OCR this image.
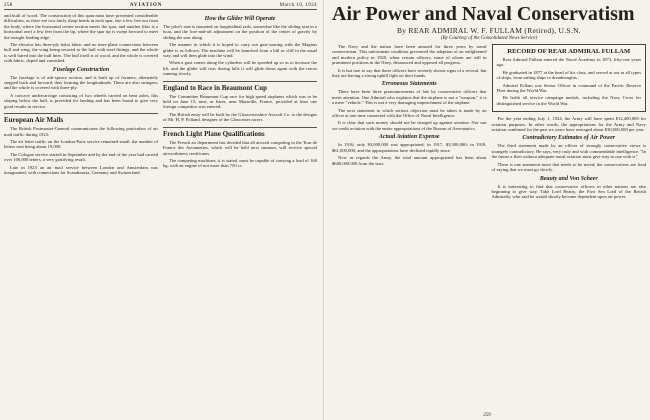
258	AVIATION	March 10, 1924

and built of wood. The construction of this span must have presented considerable difficulties, as there are two fairly sharp bends in each spar, one a few feet out from the body, where the horizontal center section meets the spar, and another (this is a horizontal one) a few feet from the tip, where the spar tip is swept forward to meet the straight leading edge.

The elevator has three-ply balsa fabric and no inter-plane connections between hull and wing, the wing being secured to the hull with steel fittings, and the whole is well faired into the hull lines. The hull itself is of wood, and the whole is covered with fabric, doped and varnished.

Fuselage Construction

The fuselage is of ash-spruce section, and is built up of formers, alternately stepped back and forward, thus forming the longitudinals. There are also stringers, and the whole is covered with three-ply.

A concave undercarriage consisting of two wheels carried on bent axles, this sloping below the hull, is provided for landing and has been found to give very good results in service.

European Air Mails

The British Postmaster-General communicates the following particulars of air mail traffic during 1923:

The air letter traffic on the London-Paris service remained small, the number of letters sent being about 19,000.

The Cologne service started in September and by the end of the year had carried over 106,000 letters, a very gratifying result.

Late in 1923 an air mail service between London and Amsterdam was inaugurated, with connections for Scandinavia, Germany and Switzerland.

How the Glider Will Operate

The pilot's seat is mounted on longitudinal rails, somewhat like the sliding seat in a boat, and the fore-and-aft adjustment on the position of the center of gravity by sliding the seat along.

The manner in which it is hoped to carry out gust-soaring with the Magnus glider is as follows. The machine will be launched from a hill or cliff in the usual way, and will then glide into the wind.

When a gust comes along the cylinders will be speeded up so as to increase the lift, and the glider will rise; during lulls it will glide down again with the rotors running slowly.

England to Race in Beaumont Cup

The Committee Beaumont Cup race for high speed airplanes which was to be held on June 15, next, at Istres, near Marseille, France, provided at least one foreign competitor was entered.

The British entry will be built by the Gloucestershire Aircraft Co. to the designs of Mr. H. P. Folland, designer of the Gloucester racers.

French Light Plane Qualifications

The French air department has decided that all aircraft competing in the Tour de France des Avionnettes, which will be held next summer, will receive special airworthiness certificates.

The competing machines, it is stated, must be capable of carrying a load of 160 kg. with an engine of not more than 750 cc.

Air Power and Naval Conservatism
By REAR ADMIRAL W. F. FULLAM (Retired), U.S.N.
(By Courtesy of the Consolidated News Service)

The Navy and the nation have been amused for three years by naval conservatism. This unfortunate condition prevented the adoption of an enlightened and modern policy in 1920, when certain officers, some of whom are still in prominent positions in the Navy, denounced and opposed all progress.

It is but true to say that these officers have recently shown signs of a revival, but they are having a strong uphill fight on their hands.

Erroneous Statements

There have been three pronouncements of late by conservative officers that merit attention. One Admiral who explains that the airplane is not a "weapon," it is a mere "vehicle." This is not a very damaging impeachment of the airplane.

The next statement to which serious objection must be taken is made by an officer at one time connected with the Office of Naval Intelligence.

It is clear that such money should not be charged up against aviation. Nor can we credit aviation with the entire appropriations of the Bureau of Aeronautics.

Actual Aviation Expense

In 1916, only $3,000,000 was appropriated; in 1917, $3,500,000; in 1918, $61,000,000; and the appropriations have declined rapidly since.

Now as regards the Army, the total amount appropriated has been about $600,000,000 from the start.

RECORD OF REAR ADMIRAL FULLAM

Rear Admiral Fullam entered the Naval Academy in 1873, fifty-one years ago.

He graduated in 1877 at the head of his class, and served at sea in all types of ships, from sailing ships to dreadnoughts.

Admiral Fullam was Senior Officer in command of the Pacific Reserve Fleet during the World War.

He holds all service campaign medals, including the Navy Cross for distinguished service in the World War.

For the year ending July 1, 1924, the Army will have spent $12,400,000 for aviation purposes. In other words, the appropriations for the Army and Navy aviation combined for the past six years have averaged about $30,000,000 per year.

Contradictory Estimates of Air Power

The third statement made by an officer of strongly conservative views is strangely contradictory. He says, very truly and with commendable intelligence: "In the future a fleet without adequate naval aviation must give way to one with it."

There is one statement more that needs to be noted; the conservatives are fond of saying that we must go slowly.

Beauty and Von Scheer

It is interesting to find that conservative officers in other nations are also beginning to give way. Take Lord Beatty, the First Sea Lord of the British Admiralty, who said he would shortly become dependent upon air power.

259
